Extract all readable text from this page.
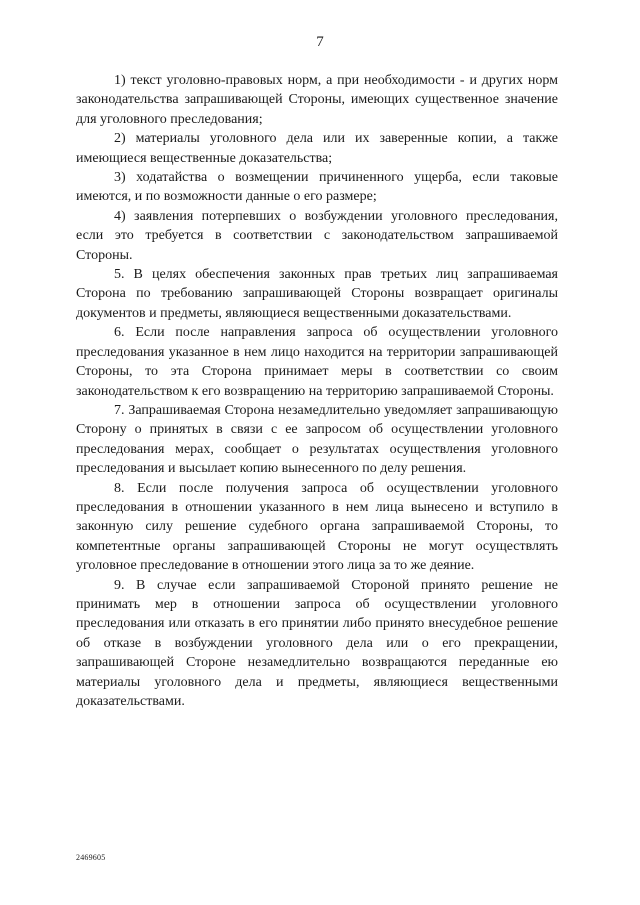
7

1) текст уголовно-правовых норм, а при необходимости - и других норм законодательства запрашивающей Стороны, имеющих существенное значение для уголовного преследования;

2) материалы уголовного дела или их заверенные копии, а также имеющиеся вещественные доказательства;

3) ходатайства о возмещении причиненного ущерба, если таковые имеются, и по возможности данные о его размере;

4) заявления потерпевших о возбуждении уголовного преследования, если это требуется в соответствии с законодательством запрашиваемой Стороны.

5. В целях обеспечения законных прав третьих лиц запрашиваемая Сторона по требованию запрашивающей Стороны возвращает оригиналы документов и предметы, являющиеся вещественными доказательствами.

6. Если после направления запроса об осуществлении уголовного преследования указанное в нем лицо находится на территории запрашивающей Стороны, то эта Сторона принимает меры в соответствии со своим законодательством к его возвращению на территорию запрашиваемой Стороны.

7. Запрашиваемая Сторона незамедлительно уведомляет запрашивающую Сторону о принятых в связи с ее запросом об осуществлении уголовного преследования мерах, сообщает о результатах осуществления уголовного преследования и высылает копию вынесенного по делу решения.

8. Если после получения запроса об осуществлении уголовного преследования в отношении указанного в нем лица вынесено и вступило в законную силу решение судебного органа запрашиваемой Стороны, то компетентные органы запрашивающей Стороны не могут осуществлять уголовное преследование в отношении этого лица за то же деяние.

9. В случае если запрашиваемой Стороной принято решение не принимать мер в отношении запроса об осуществлении уголовного преследования или отказать в его принятии либо принято внесудебное решение об отказе в возбуждении уголовного дела или о его прекращении, запрашивающей Стороне незамедлительно возвращаются переданные ею материалы уголовного дела и предметы, являющиеся вещественными доказательствами.

2469605
